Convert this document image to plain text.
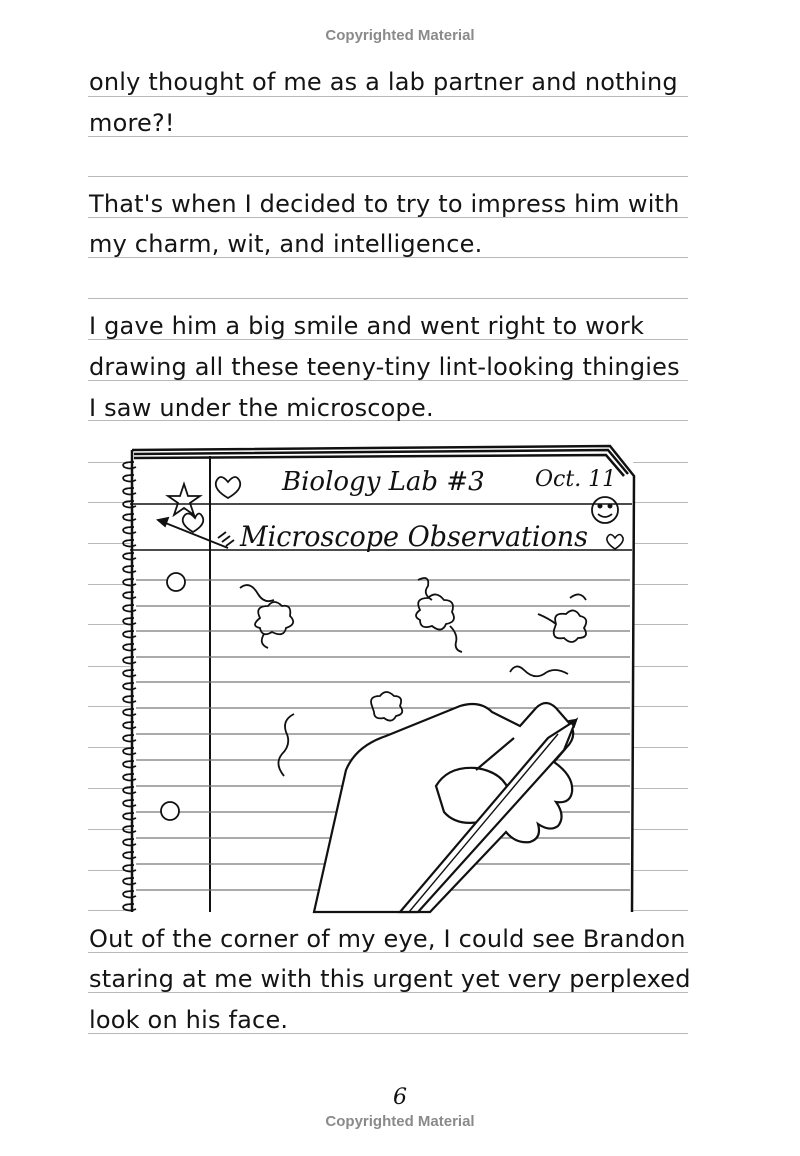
Copyrighted Material
only thought of me as a lab partner and nothing
more?!
That's when I decided to try to impress him with
my charm, wit, and intelligence.
I gave him a big smile and went right to work
drawing all these teeny-tiny lint-looking thingies
I saw under the microscope.
Out of the corner of my eye, I could see Brandon
staring at me with this urgent yet very perplexed
look on his face.
Biology Lab #3 Oct. 11
Microscope Observations
6
Copyrighted Material
